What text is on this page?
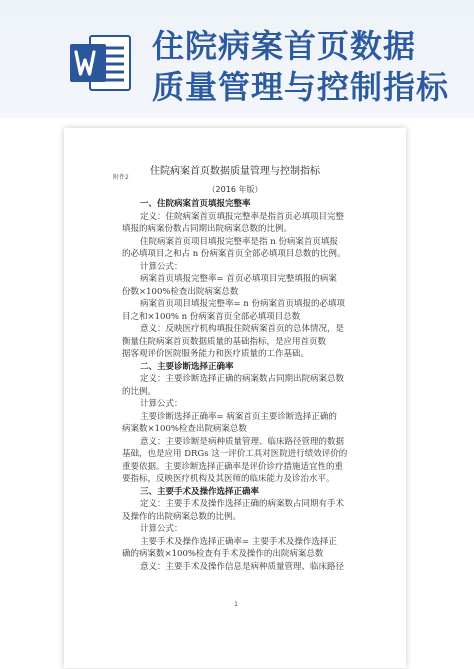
住院病案首页数据
质量管理与控制指标
附件2
住院病案首页数据质量管理与控制指标
（2016 年版）
一、住院病案首页填报完整率
定义：住院病案首页填报完整率是指首页必填项目完整
填报的病案份数占同期出院病案总数的比例。
住院病案首页项目填报完整率是指 n 份病案首页填报
的必填项目之和占 n 份病案首页全部必填项目总数的比例。
计算公式：
病案首页填报完整率= 首页必填项目完整填报的病案
份数×100%检查出院病案总数
病案首页项目填报完整率= n 份病案首页填报的必填项
目之和×100% n 份病案首页全部必填项目总数
意义：反映医疗机构填报住院病案首页的总体情况，是
衡量住院病案首页数据质量的基础指标，是应用首页数
据客观评价医院服务能力和医疗质量的工作基础。
二、主要诊断选择正确率
定义：主要诊断选择正确的病案数占同期出院病案总数
的比例。
计算公式：
主要诊断选择正确率= 病案首页主要诊断选择正确的
病案数×100%检查出院病案总数
意义：主要诊断是病种质量管理、临床路径管理的数据
基础，也是应用 DRGs 这一评价工具对医院进行绩效评价的
重要依据。主要诊断选择正确率是评价诊疗措施适宜性的重
要指标，反映医疗机构及其医师的临床能力及诊治水平。
三、主要手术及操作选择正确率
定义：主要手术及操作选择正确的病案数占同期有手术
及操作的出院病案总数的比例。
计算公式：
主要手术及操作选择正确率= 主要手术及操作选择正
确的病案数×100%检查有手术及操作的出院病案总数
意义：主要手术及操作信息是病种质量管理、临床路径
1
